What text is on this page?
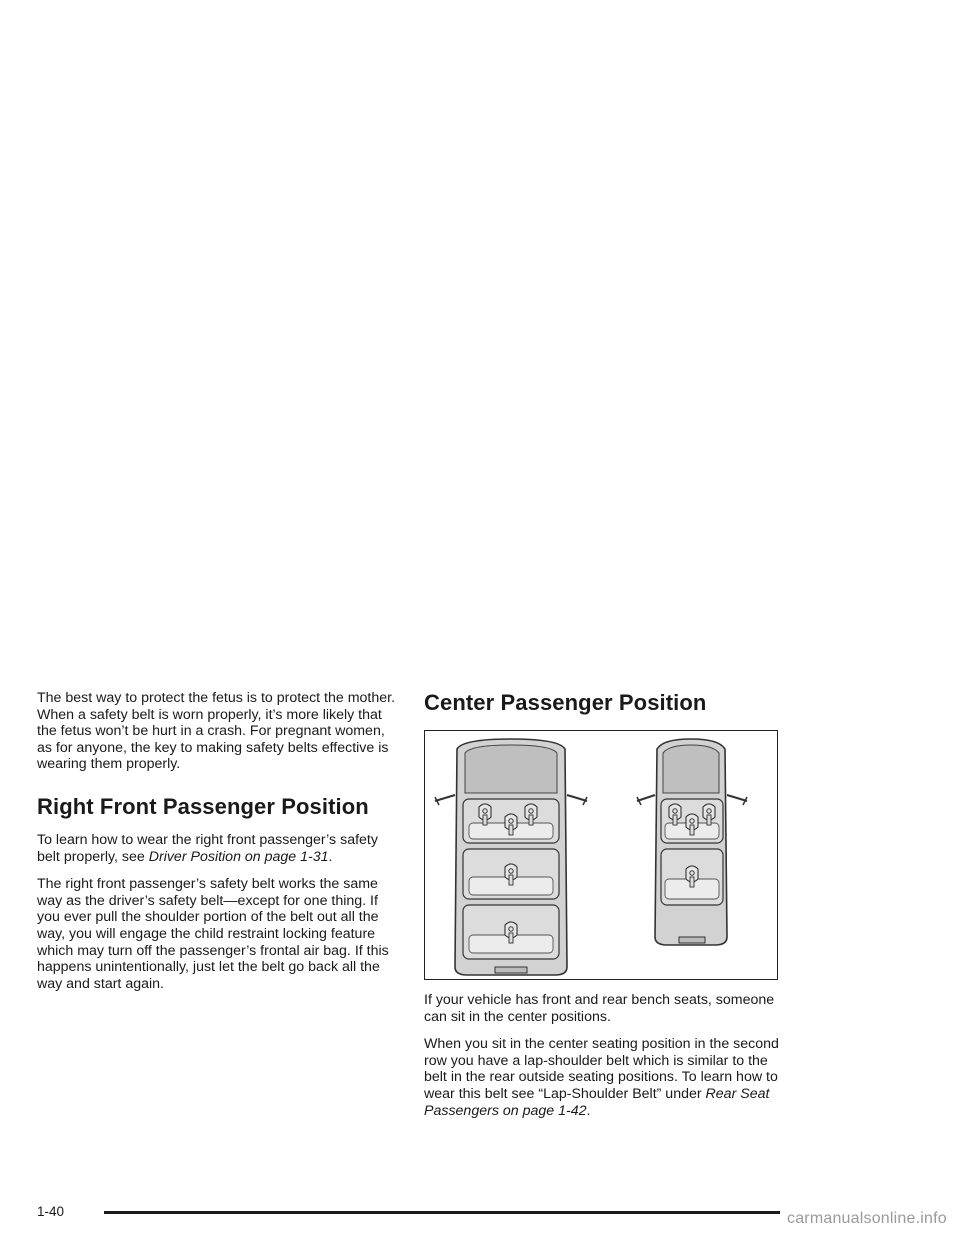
The best way to protect the fetus is to protect the mother. When a safety belt is worn properly, it’s more likely that the fetus won’t be hurt in a crash. For pregnant women, as for anyone, the key to making safety belts effective is wearing them properly.

Right Front Passenger Position

To learn how to wear the right front passenger’s safety belt properly, see Driver Position on page 1-31.

The right front passenger’s safety belt works the same way as the driver’s safety belt—except for one thing. If you ever pull the shoulder portion of the belt out all the way, you will engage the child restraint locking feature which may turn off the passenger’s frontal air bag. If this happens unintentionally, just let the belt go back all the way and start again.

Center Passenger Position

If your vehicle has front and rear bench seats, someone can sit in the center positions.

When you sit in the center seating position in the second row you have a lap-shoulder belt which is similar to the belt in the rear outside seating positions. To learn how to wear this belt see “Lap-Shoulder Belt” under Rear Seat Passengers on page 1-42.

1-40	carmanualsonline.info
